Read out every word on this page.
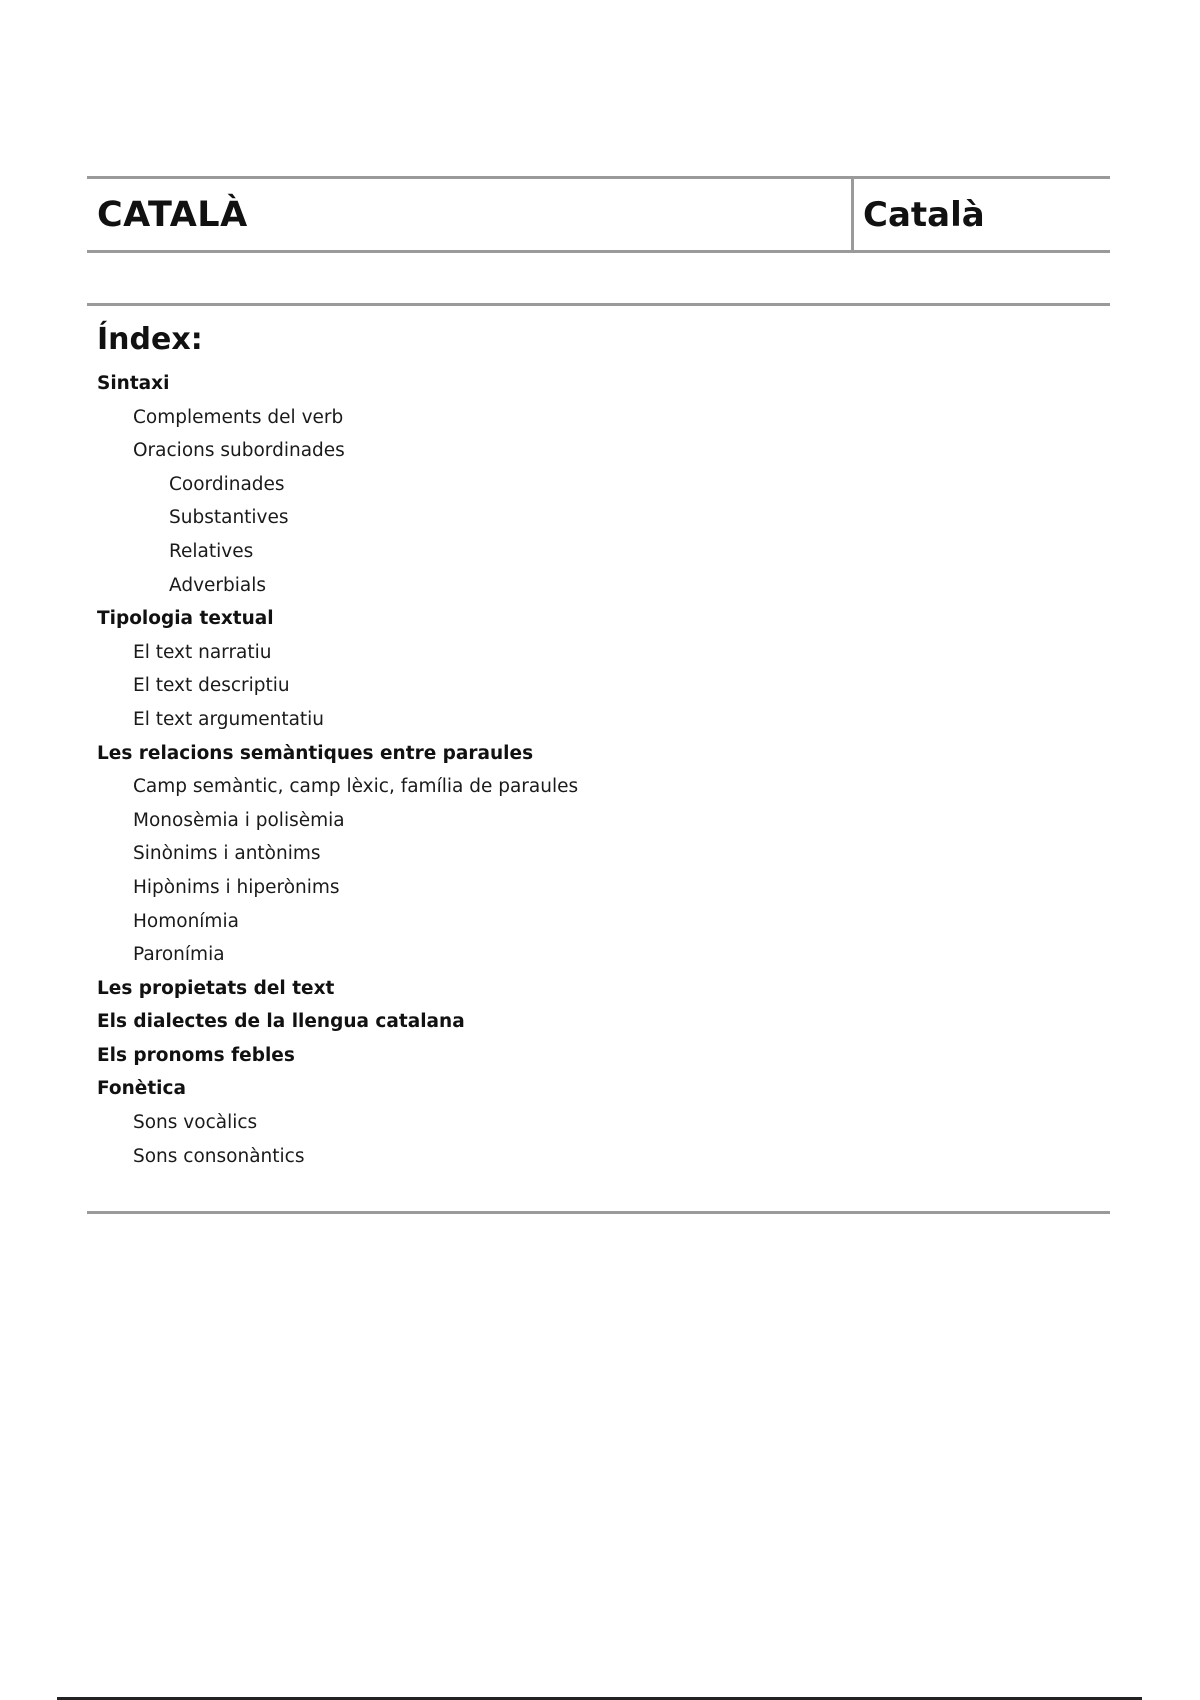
CATALÀ	Català
Índex:
Sintaxi
Complements del verb
Oracions subordinades
Coordinades
Substantives
Relatives
Adverbials
Tipologia textual
El text narratiu
El text descriptiu
El text argumentatiu
Les relacions semàntiques entre paraules
Camp semàntic, camp lèxic, família de paraules
Monosèmia i polisèmia
Sinònims i antònims
Hipònims i hiperònims
Homonímia
Paronímia
Les propietats del text
Els dialectes de la llengua catalana
Els pronoms febles
Fonètica
Sons vocàlics
Sons consonàntics
